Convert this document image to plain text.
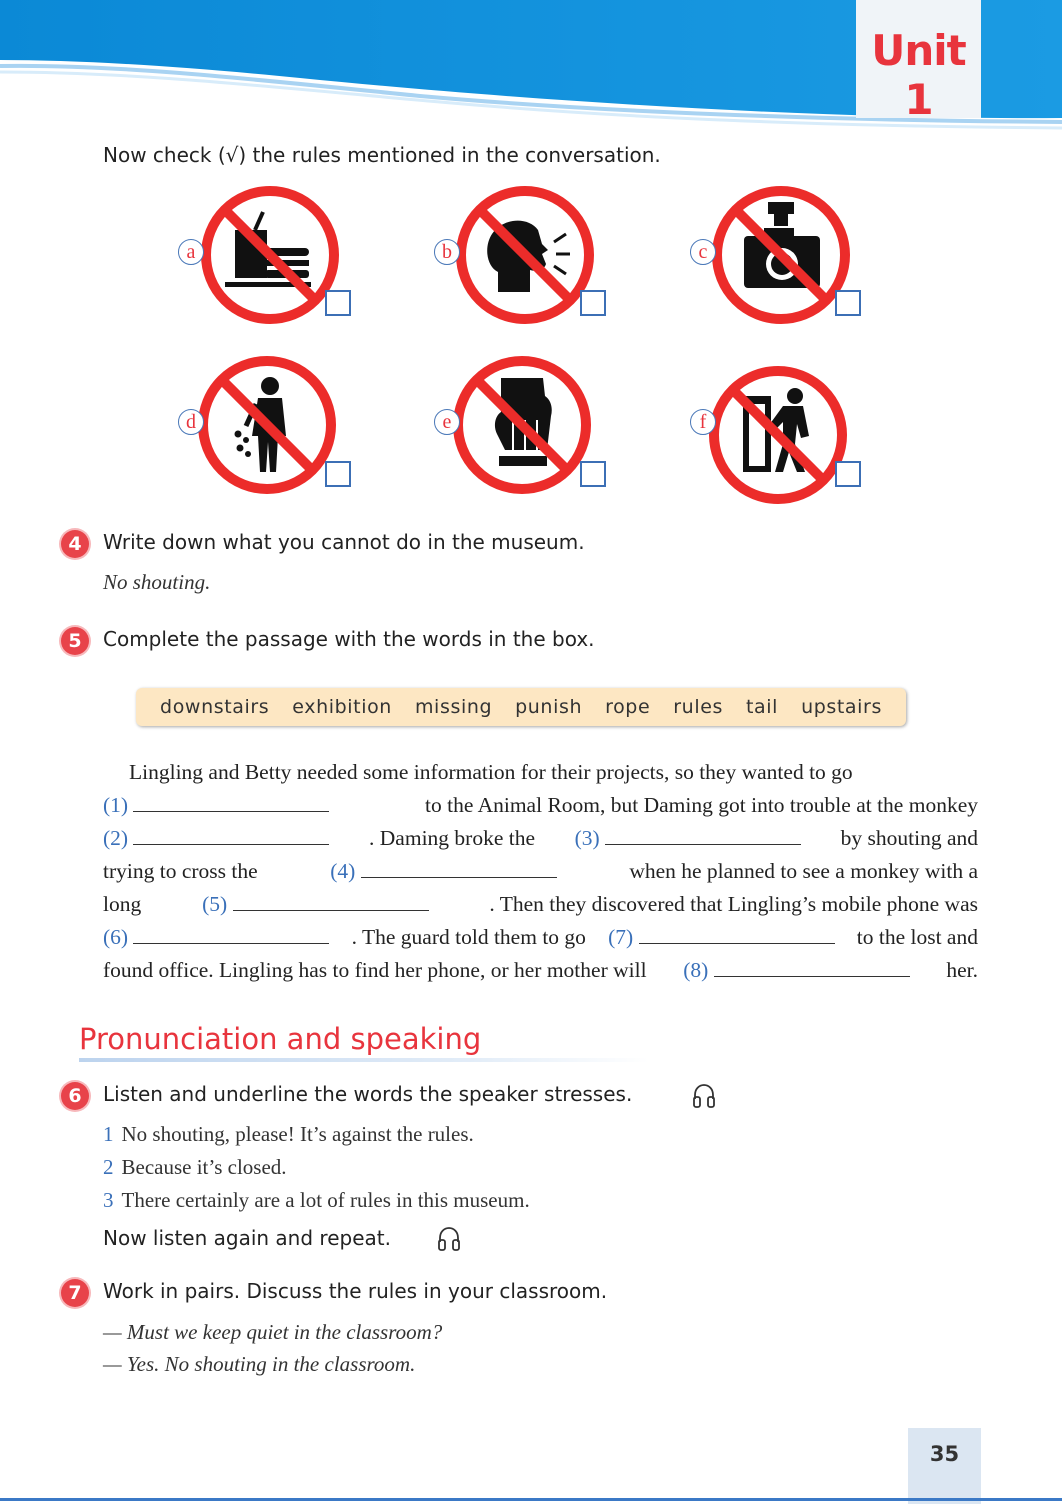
Unit 1
Now check (√) the rules mentioned in the conversation.
a	b	c
d	e	f
4	Write down what you cannot do in the museum.
No shouting.
5	Complete the passage with the words in the box.
downstairs exhibition missing punish rope rules tail upstairs
Lingling and Betty needed some information for their projects, so they wanted to go
(1)	to the Animal Room, but Daming got into trouble at the monkey
(2)	. Daming broke the (3)	by shouting and
trying to cross the	(4)	when he planned to see a monkey with a
long	(5)	. Then they discovered that Lingling’s mobile phone was
(6)	. The guard told them to go (7)	to the lost and
found office. Lingling has to find her phone, or her mother will (8)	her.
Pronunciation and speaking
6	Listen and underline the words the speaker stresses.
1 No shouting, please! It’s against the rules.
2 Because it’s closed.
3 There certainly are a lot of rules in this museum.
Now listen again and repeat.
7	Work in pairs. Discuss the rules in your classroom.
— Must we keep quiet in the classroom?
— Yes. No shouting in the classroom.
35
